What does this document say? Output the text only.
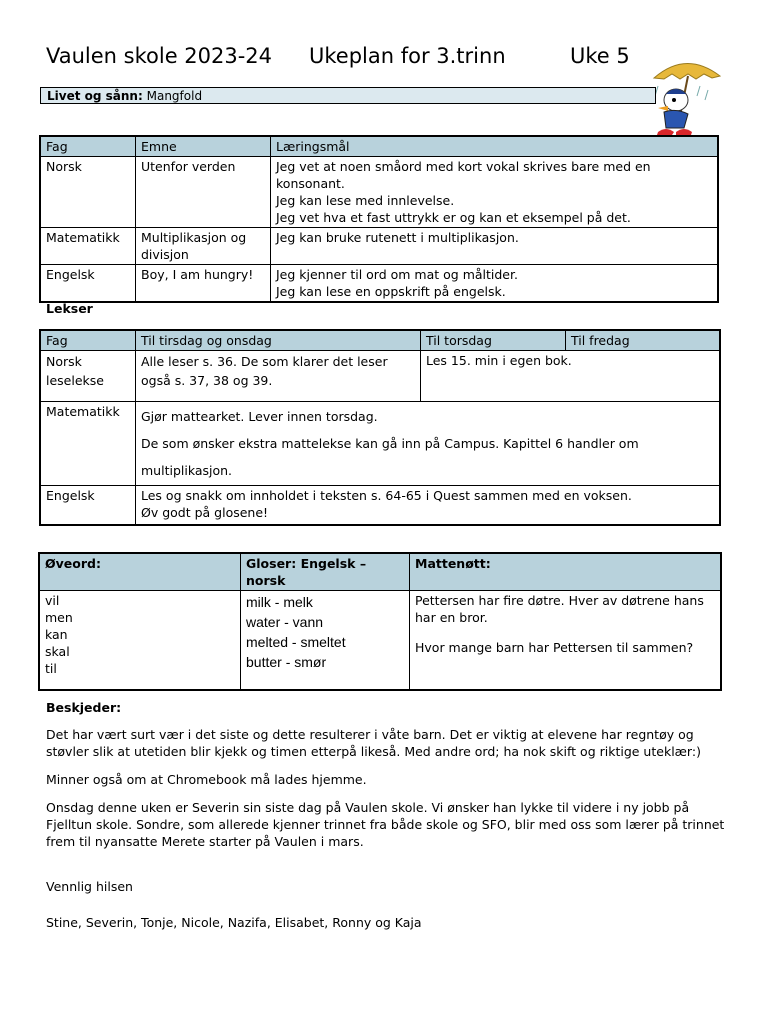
Vaulen skole 2023-24 Ukeplan for 3.trinn	Uke 5
Livet og sånn: Mangfold
Fag	Emne	Læringsmål
Norsk	Utenfor verden	Jeg vet at noen småord med kort vokal skrives bare med en
konsonant.
Jeg kan lese med innlevelse.
Jeg vet hva et fast uttrykk er og kan et eksempel på det.

Matematikk	Multiplikasjon og divisjon	Jeg kan bruke rutenett i multiplikasjon.

Engelsk	Boy, I am hungry!	Jeg kjenner til ord om mat og måltider.
Jeg kan lese en oppskrift på engelsk.
Lekser
Fag	Til tirsdag og onsdag	Til torsdag	Til fredag
Norsk leselekse	Alle leser s. 36. De som klarer det leser også s. 37, 38 og 39.	Les 15. min i egen bok.	
Matematikk	Gjør mattearket. Lever innen torsdag.
De som ønsker ekstra mattelekse kan gå inn på Campus. Kapittel 6 handler om
multiplikasjon.		

Engelsk	Les og snakk om innholdet i teksten s. 64-65 i Quest sammen med en voksen.
Øv godt på glosene!		
Øveord:	Gloser: Engelsk – norsk	Mattenøtt:

vil
men
kan
skal
til	milk - melk
water - vann
melted - smeltet
butter - smør	Pettersen har fire døtre. Hver av døtrene hans har en bror.
Hvor mange barn har Pettersen til sammen?
Beskjeder:
Det har vært surt vær i det siste og dette resulterer i våte barn. Det er viktig at elevene har regntøy og støvler slik at utetiden blir kjekk og timen etterpå likeså. Med andre ord; ha nok skift og riktige uteklær:)
Minner også om at Chromebook må lades hjemme.
Onsdag denne uken er Severin sin siste dag på Vaulen skole. Vi ønsker han lykke til videre i ny jobb på Fjelltun skole. Sondre, som allerede kjenner trinnet fra både skole og SFO, blir med oss som lærer på trinnet frem til nyansatte Merete starter på Vaulen i mars.
Vennlig hilsen
Stine, Severin, Tonje, Nicole, Nazifa, Elisabet, Ronny og Kaja
